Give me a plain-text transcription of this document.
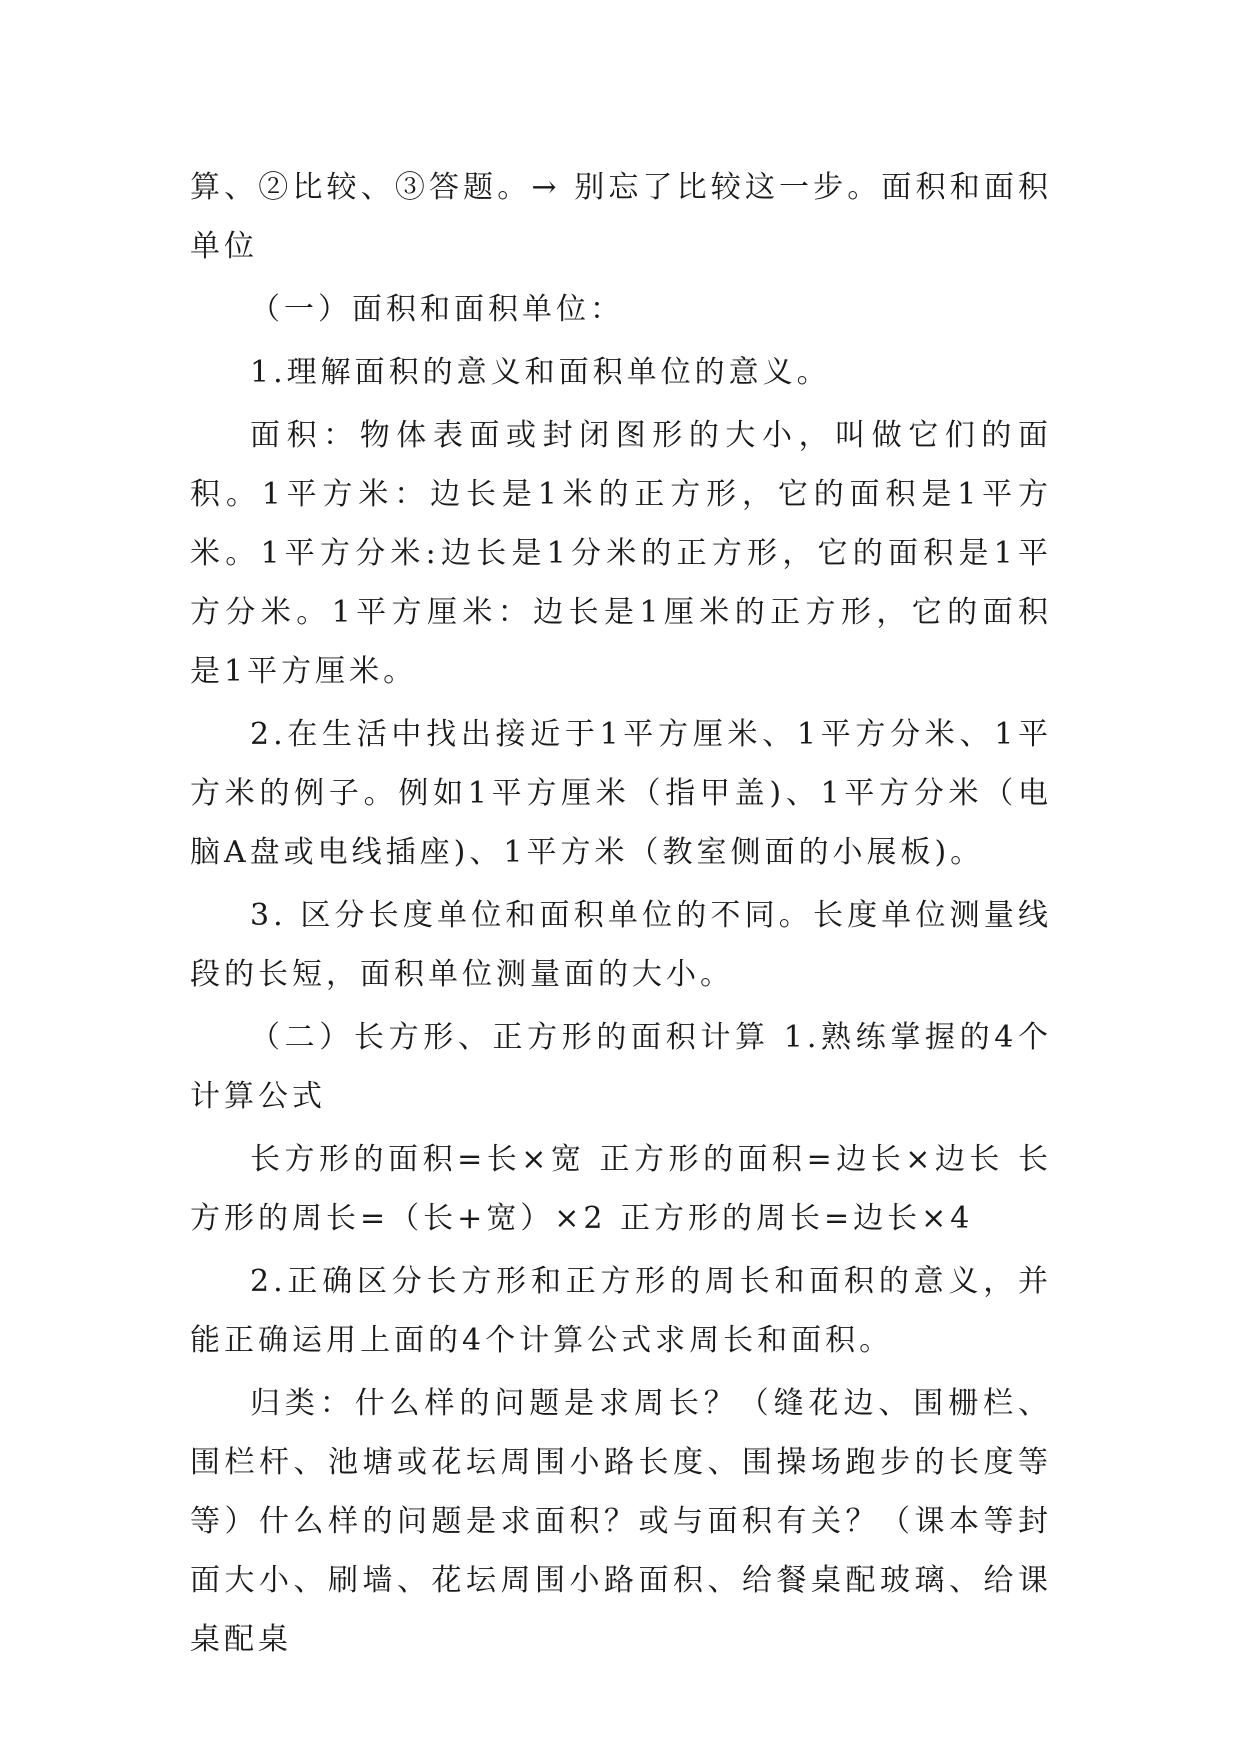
算、②比较、③答题。→ 别忘了比较这一步。面积和面积单位

（一）面积和面积单位：

1.理解面积的意义和面积单位的意义。

面积：物体表面或封闭图形的大小，叫做它们的面积。1平方米：边长是1米的正方形，它的面积是1平方米。1平方分米:边长是1分米的正方形，它的面积是1平方分米。1平方厘米：边长是1厘米的正方形，它的面积是1平方厘米。

2.在生活中找出接近于1平方厘米、1平方分米、1平方米的例子。例如1平方厘米（指甲盖)、1平方分米（电脑A盘或电线插座)、1平方米（教室侧面的小展板)。

3. 区分长度单位和面积单位的不同。长度单位测量线段的长短，面积单位测量面的大小。

（二）长方形、正方形的面积计算 1.熟练掌握的4个计算公式

长方形的面积=长×宽 正方形的面积=边长×边长 长方形的周长=（长+宽）×2 正方形的周长=边长×4

2.正确区分长方形和正方形的周长和面积的意义，并能正确运用上面的4个计算公式求周长和面积。

归类：什么样的问题是求周长？（缝花边、围栅栏、围栏杆、池塘或花坛周围小路长度、围操场跑步的长度等等）什么样的问题是求面积？或与面积有关？（课本等封面大小、刷墙、花坛周围小路面积、给餐桌配玻璃、给课桌配桌
